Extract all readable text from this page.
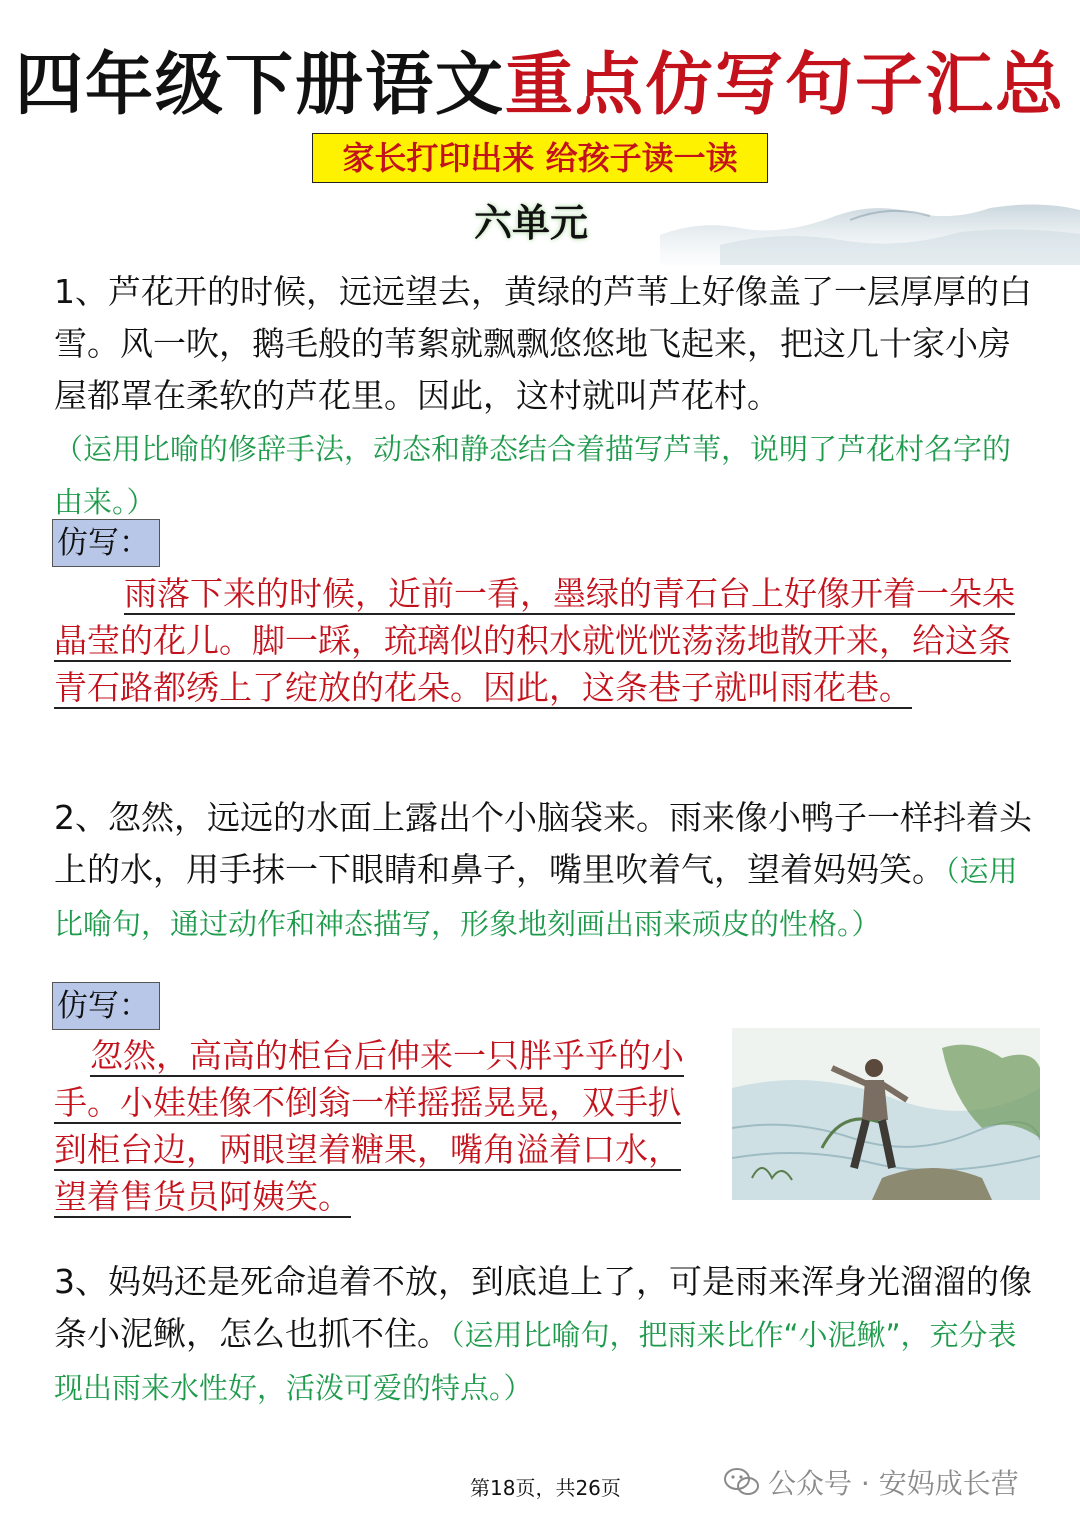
四年级下册语文重点仿写句子汇总
家长打印出来 给孩子读一读
六单元
1、芦花开的时候，远远望去，黄绿的芦苇上好像盖了一层厚厚的白雪。风一吹，鹅毛般的苇絮就飘飘悠悠地飞起来，把这几十家小房屋都罩在柔软的芦花里。因此，这村就叫芦花村。
（运用比喻的修辞手法，动态和静态结合着描写芦苇，说明了芦花村名字的由来。）
仿写：
雨落下来的时候，近前一看，墨绿的青石台上好像开着一朵朵晶莹的花儿。脚一踩，琉璃似的积水就恍恍荡荡地散开来，给这条青石路都绣上了绽放的花朵。因此，这条巷子就叫雨花巷。
2、忽然，远远的水面上露出个小脑袋来。雨来像小鸭子一样抖着头上的水，用手抹一下眼睛和鼻子，嘴里吹着气，望着妈妈笑。（运用比喻句，通过动作和神态描写，形象地刻画出雨来顽皮的性格。）
仿写：
忽然，高高的柜台后伸来一只胖乎乎的小手。小娃娃像不倒翁一样摇摇晃晃，双手扒到柜台边，两眼望着糖果，嘴角溢着口水，望着售货员阿姨笑。
3、妈妈还是死命追着不放，到底追上了，可是雨来浑身光溜溜的像条小泥鳅，怎么也抓不住。（运用比喻句，把雨来比作“小泥鳅”，充分表现出雨来水性好，活泼可爱的特点。）
第18页，共26页	公众号 · 安妈成长营
